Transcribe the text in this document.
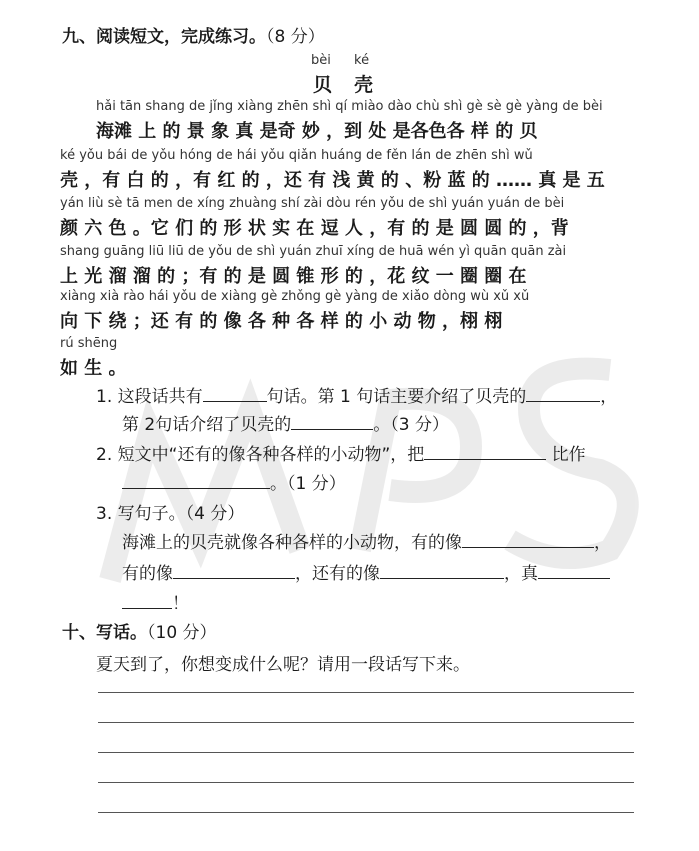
九、阅读短文，完成练习。（8 分）
bèi ké
贝 壳
hǎi tān shang de jǐng xiàng zhēn shì qí miào dào chù shì gè sè gè yàng de bèi
海滩 上 的 景 象 真 是奇 妙 ，到 处 是各色各 样 的 贝
ké yǒu bái de yǒu hóng de hái yǒu qiǎn huáng de fěn lán de zhēn shì wǔ
壳 ，有 白 的 ，有 红 的 ，还 有 浅 黄 的 、粉 蓝 的 …… 真 是 五
yán liù sè tā men de xíng zhuàng shí zài dòu rén yǒu de shì yuán yuán de bèi
颜 六 色 。它 们 的 形 状 实 在 逗 人 ，有 的 是 圆 圆 的 ，背
shang guāng liū liū de yǒu de shì yuán zhuī xíng de huā wén yì quān quān zài
上 光 溜 溜 的 ；有 的 是 圆 锥 形 的 ，花 纹 一 圈 圈 在
xiàng xià rào hái yǒu de xiàng gè zhǒng gè yàng de xiǎo dòng wù xǔ xǔ
向 下 绕 ；还 有 的 像 各 种 各 样 的 小 动 物 ，栩 栩
rú shēng
如 生 。
1. 这段话共有	句话。第 1 句话主要介绍了贝壳的	，
第 2句话介绍了贝壳的	。（3 分）
2. 短文中“还有的像各种各样的小动物”，把	比作
。（1 分）
3. 写句子。（4 分）
海滩上的贝壳就像各种各样的小动物，有的像	，
有的像	，还有的像	，真
！
十、写话。（10 分）
夏天到了，你想变成什么呢？请用一段话写下来。
